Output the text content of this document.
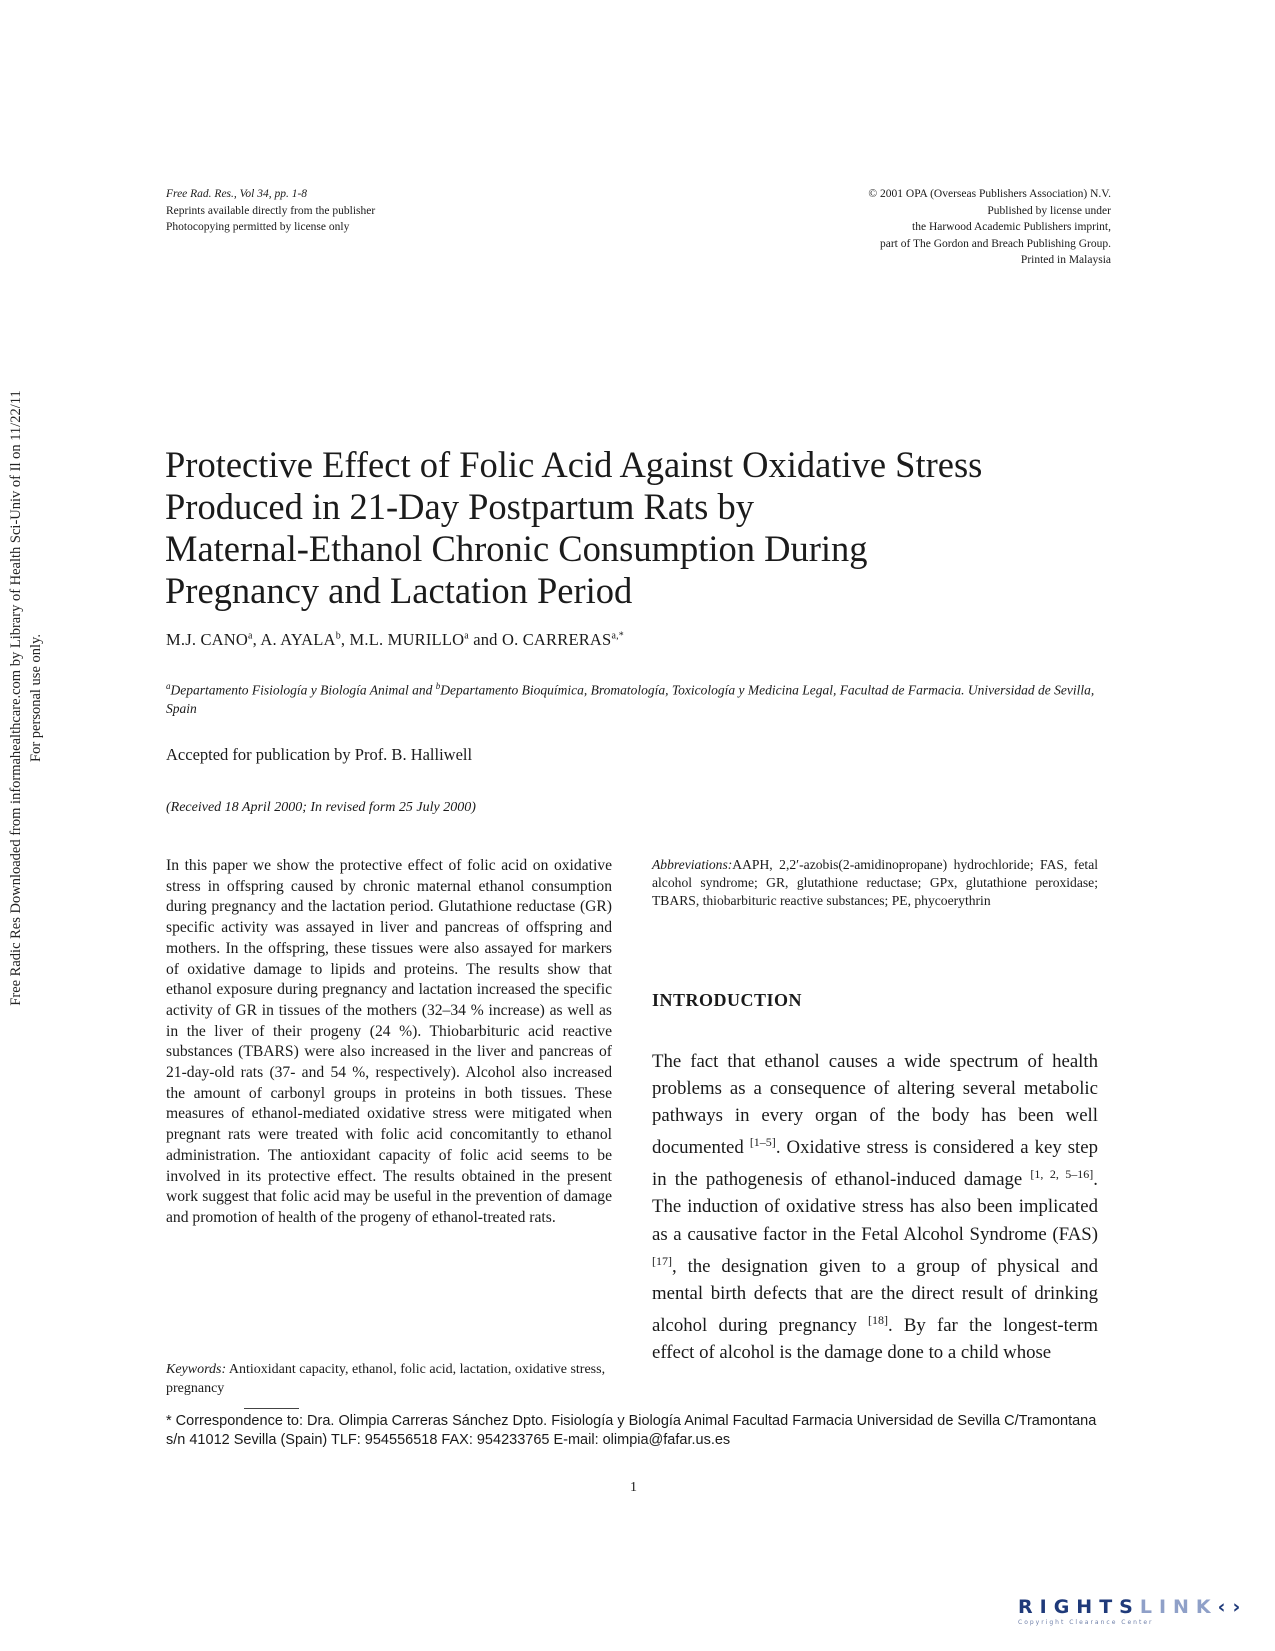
Free Rad. Res., Vol 34, pp. 1-8
Reprints available directly from the publisher
Photocopying permitted by license only
© 2001 OPA (Overseas Publishers Association) N.V.
Published by license under
the Harwood Academic Publishers imprint,
part of The Gordon and Breach Publishing Group.
Printed in Malaysia
Free Radic Res Downloaded from informahealthcare.com by Library of Health Sci-Univ of Il on 11/22/11 For personal use only.
Protective Effect of Folic Acid Against Oxidative Stress
Produced in 21-Day Postpartum Rats by
Maternal-Ethanol Chronic Consumption During
Pregnancy and Lactation Period
M.J. CANO$^a$, A. AYALA$^b$, M.L. MURILLO$^a$ and O. $CARRERAS^{a,*}$
$^a$Departamento Fisiología y Biología Animal and $^b$Departamento Bioquímica, Bromatología, Toxicología y Medicina Legal, Facultad de Farmacia. Universidad de Sevilla, Spain
Accepted for publication by Prof. B. Halliwell
(Received 18 April 2000; In revised form 25 July 2000)

In this paper we show the protective effect of folic acid on oxidative stress in offspring caused by chronic maternal ethanol consumption during pregnancy and the lactation period. Glutathione reductase (GR) specific activity was assayed in liver and pancreas of offspring and mothers. In the offspring, these tissues were also assayed for markers of oxidative damage to lipids and proteins. The results show that ethanol exposure during pregnancy and lactation increased the specific activity of GR in tissues of the mothers (32–34 % increase) as well as in the liver of their progeny (24 %). Thiobarbituric acid reactive substances (TBARS) were also increased in the liver and pancreas of 21-day-old rats (37- and 54 %, respectively). Alcohol also increased the amount of carbonyl groups in proteins in both tissues. These measures of ethanol-mediated oxidative stress were mitigated when pregnant rats were treated with folic acid concomitantly to ethanol administration. The antioxidant capacity of folic acid seems to be involved in its protective effect. The results obtained in the present work suggest that folic acid may be useful in the prevention of damage and promotion of health of the progeny of ethanol-treated rats.

Keywords: Antioxidant capacity, ethanol, folic acid, lactation, oxidative stress, pregnancy
Abbreviations:AAPH, 2,2′-azobis(2-amidinopropane) hydrochloride; FAS, fetal alcohol syndrome; GR, glutathione reductase; GPx, glutathione peroxidase; TBARS, thiobarbituric reactive substances; PE, phycoerythrin
INTRODUCTION

The fact that ethanol causes a wide spectrum of health problems as a consequence of altering several metabolic pathways in every organ of the body has been well documented [1–5]. Oxidative stress is considered a key step in the pathogenesis of ethanol-induced damage [1, 2, 5–16]. The induction of oxidative stress has also been implicated as a causative factor in the Fetal Alcohol Syndrome (FAS) [17], the designation given to a group of physical and mental birth defects that are the direct result of drinking alcohol during pregnancy [18]. By far the longest-term effect of alcohol is the damage done to a child whose

* Correspondence to: Dra. Olimpia Carreras Sánchez Dpto. Fisiología y Biología Animal Facultad Farmacia Universidad de Sevilla C/Tramontana s/n 41012 Sevilla (Spain) TLF: 954556518 FAX: 954233765 E-mail: olimpia@fafar.us.es
1
RIGHTSLINK‹›
Copyright Clearance Center
